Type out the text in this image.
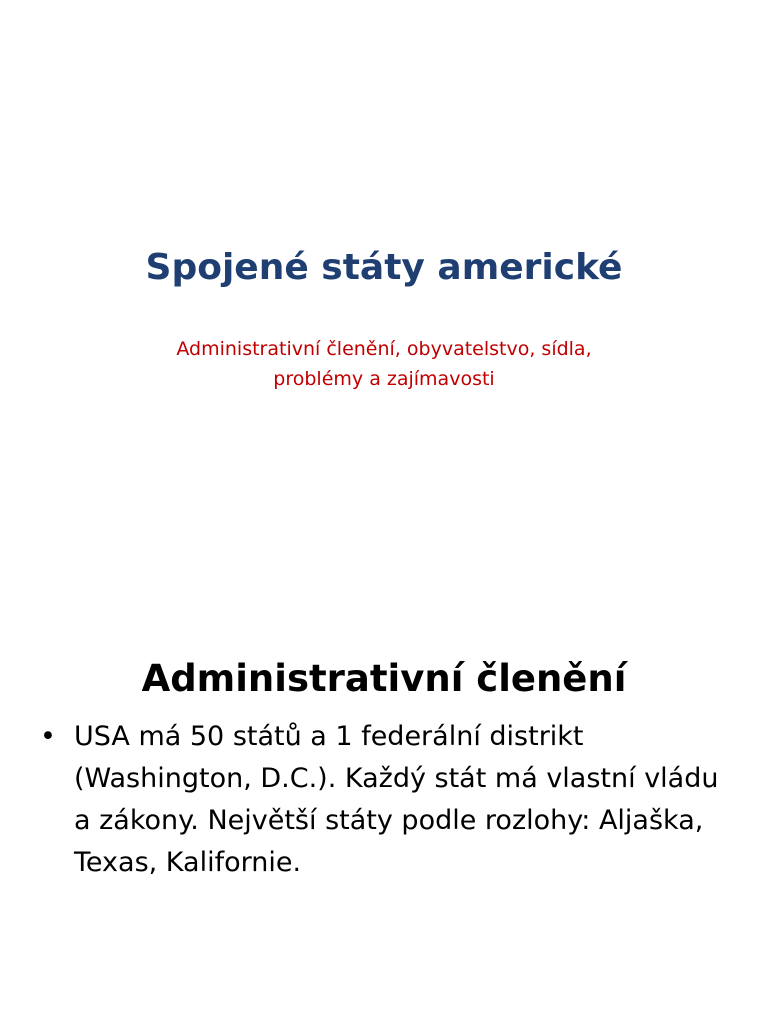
Spojené státy americké
Administrativní členění, obyvatelstvo, sídla,
problémy a zajímavosti
Administrativní členění
• USA má 50 států a 1 federální distrikt
(Washington, D.C.). Každý stát má vlastní vládu
a zákony. Největší státy podle rozlohy: Aljaška,
Texas, Kalifornie.
